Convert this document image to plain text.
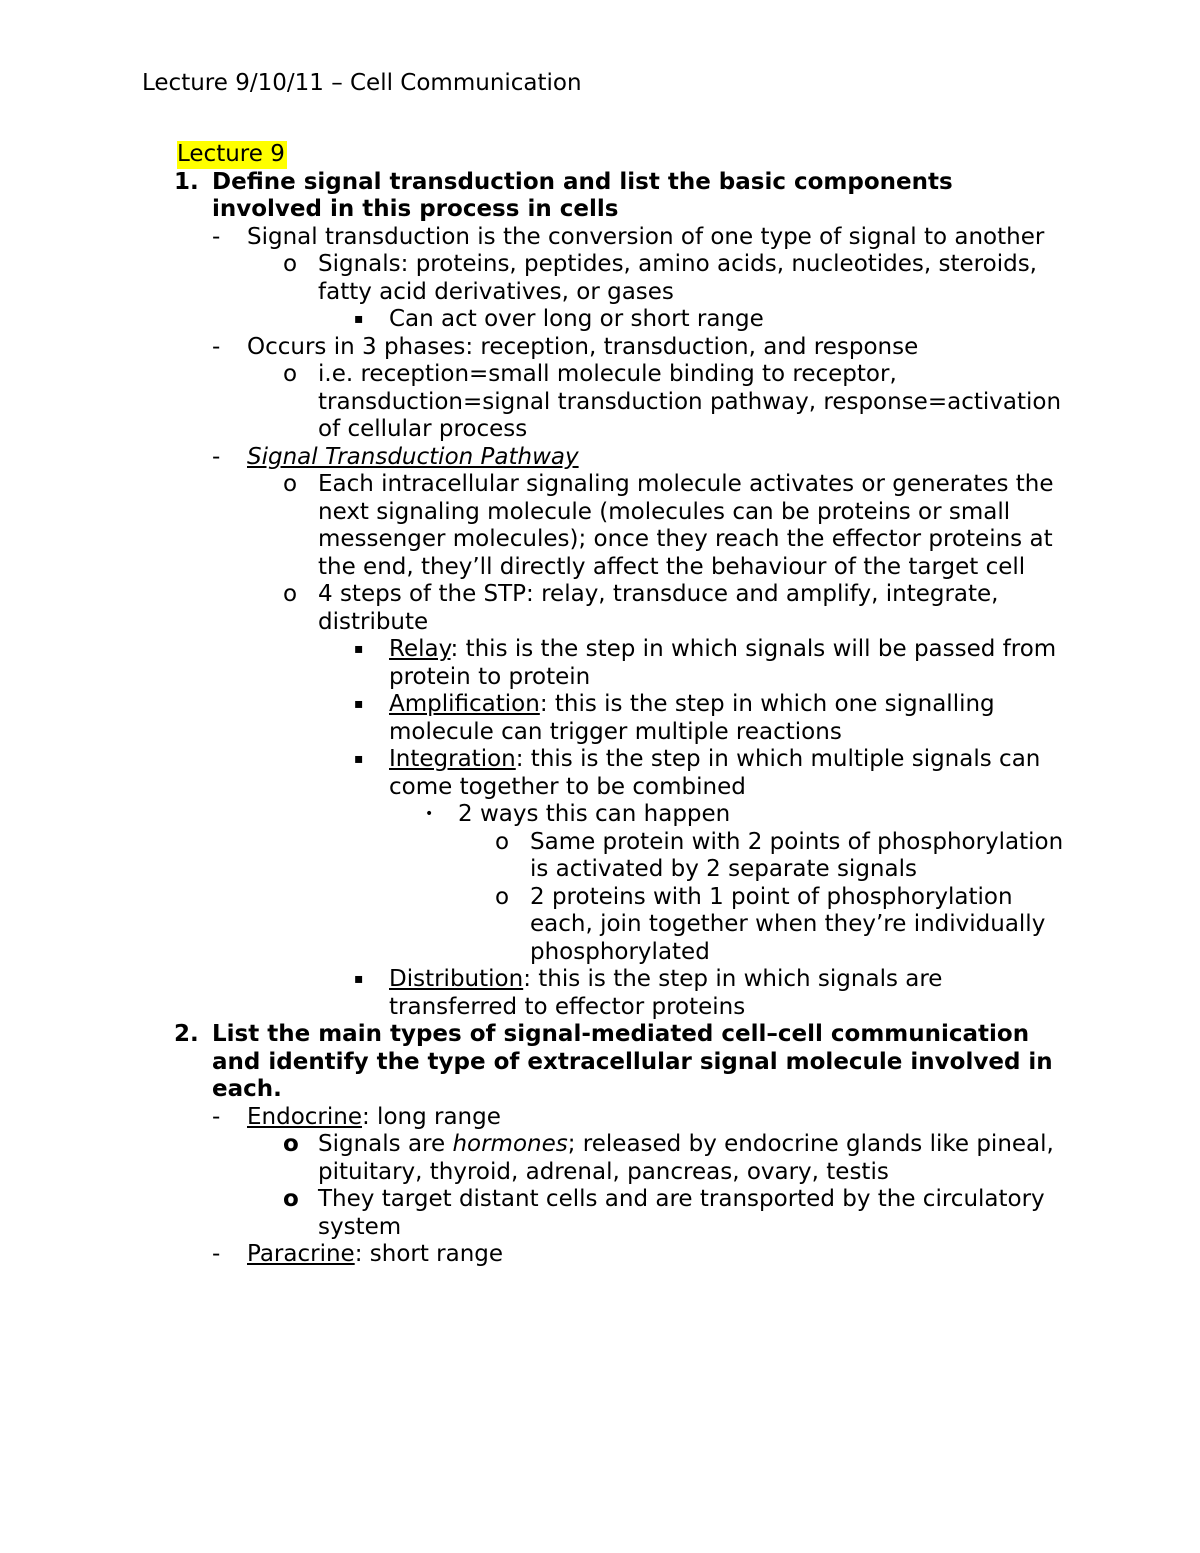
Lecture 9/10/11 – Cell Communication
Lecture 9
1. Define signal transduction and list the basic components involved in this process in cells
- Signal transduction is the conversion of one type of signal to another
o Signals: proteins, peptides, amino acids, nucleotides, steroids, fatty acid derivatives, or gases
▪ Can act over long or short range
- Occurs in 3 phases: reception, transduction, and response
o i.e. reception=small molecule binding to receptor, transduction=signal transduction pathway, response=activation of cellular process
- Signal Transduction Pathway
o Each intracellular signaling molecule activates or generates the next signaling molecule (molecules can be proteins or small messenger molecules); once they reach the effector proteins at the end, they’ll directly affect the behaviour of the target cell
o 4 steps of the STP: relay, transduce and amplify, integrate, distribute
▪ Relay: this is the step in which signals will be passed from protein to protein
▪ Amplification: this is the step in which one signalling molecule can trigger multiple reactions
▪ Integration: this is the step in which multiple signals can come together to be combined
• 2 ways this can happen
o Same protein with 2 points of phosphorylation is activated by 2 separate signals
o 2 proteins with 1 point of phosphorylation each, join together when they’re individually phosphorylated
▪ Distribution: this is the step in which signals are transferred to effector proteins
2. List the main types of signal-mediated cell–cell communication and identify the type of extracellular signal molecule involved in each.
- Endocrine: long range
o Signals are hormones; released by endocrine glands like pineal, pituitary, thyroid, adrenal, pancreas, ovary, testis
o They target distant cells and are transported by the circulatory system
- Paracrine: short range
